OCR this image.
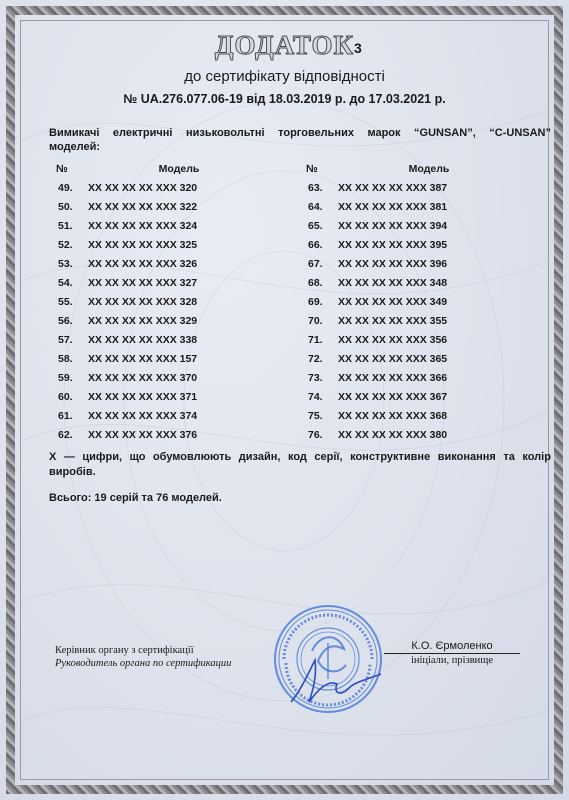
ДОДАТОК 3
до сертифікату відповідності
№ UA.276.077.06-19 від 18.03.2019 р. до 17.03.2021 р.
Вимикачі електричні низьковольтні торговельних марок “GUNSAN”, “C-UNSAN”
моделей:
№	Модель
49.	XX XX XX XX XXX 320
50.	XX XX XX XX XXX 322
51.	XX XX XX XX XXX 324
52.	XX XX XX XX XXX 325
53.	XX XX XX XX XXX 326
54.	XX XX XX XX XXX 327
55.	XX XX XX XX XXX 328
56.	XX XX XX XX XXX 329
57.	XX XX XX XX XXX 338
58.	XX XX XX XX XXX 157
59.	XX XX XX XX XXX 370
60.	XX XX XX XX XXX 371
61.	XX XX XX XX XXX 374
62.	XX XX XX XX XXX 376
№	Модель
63.	XX XX XX XX XXX 387
64.	XX XX XX XX XXX 381
65.	XX XX XX XX XXX 394
66.	XX XX XX XX XXX 395
67.	XX XX XX XX XXX 396
68.	XX XX XX XX XXX 348
69.	XX XX XX XX XXX 349
70.	XX XX XX XX XXX 355
71.	XX XX XX XX XXX 356
72.	XX XX XX XX XXX 365
73.	XX XX XX XX XXX 366
74.	XX XX XX XX XXX 367
75.	XX XX XX XX XXX 368
76.	XX XX XX XX XXX 380
X — цифри, що обумовлюють дизайн, код серії, конструктивне виконання та колір
виробів.
Всього: 19 серій та 76 моделей.
Керівник органу з сертифікації
Руководитель органа по сертификации
К.О. Єрмоленко
ініціали, прізвище
